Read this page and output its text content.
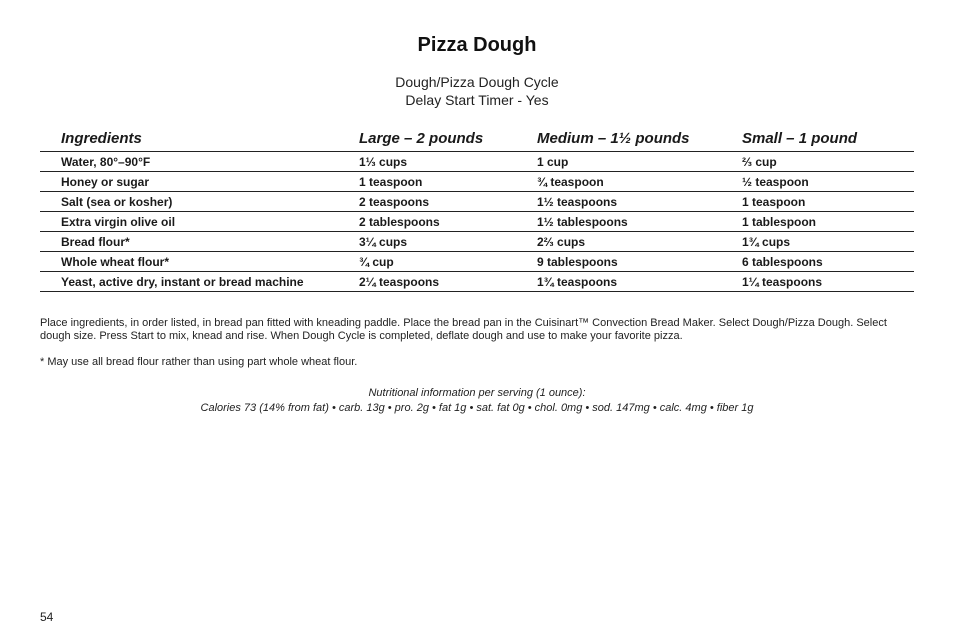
Pizza Dough
Dough/Pizza Dough Cycle
Delay Start Timer - Yes
Ingredients	Large – 2 pounds	Medium – 1½ pounds	Small – 1 pound
Water, 80°–90°F	1⅓ cups	1 cup	⅔ cup
Honey or sugar	1 teaspoon	¾ teaspoon	½ teaspoon
Salt (sea or kosher)	2 teaspoons	1½ teaspoons	1 teaspoon
Extra virgin olive oil	2 tablespoons	1½ tablespoons	1 tablespoon
Bread flour*	3¼ cups	2⅔ cups	1¾ cups
Whole wheat flour*	¾ cup	9 tablespoons	6 tablespoons
Yeast, active dry, instant or bread machine	2¼ teaspoons	1¾ teaspoons	1¼ teaspoons
Place ingredients, in order listed, in bread pan fitted with kneading paddle. Place the bread pan in the Cuisinart™ Convection Bread Maker. Select Dough/Pizza Dough. Select dough size. Press Start to mix, knead and rise. When Dough Cycle is completed, deflate dough and use to make your favorite pizza.
* May use all bread flour rather than using part whole wheat flour.
Nutritional information per serving (1 ounce):
Calories 73 (14% from fat) • carb. 13g • pro. 2g • fat 1g • sat. fat 0g • chol. 0mg • sod. 147mg • calc. 4mg • fiber 1g
54
